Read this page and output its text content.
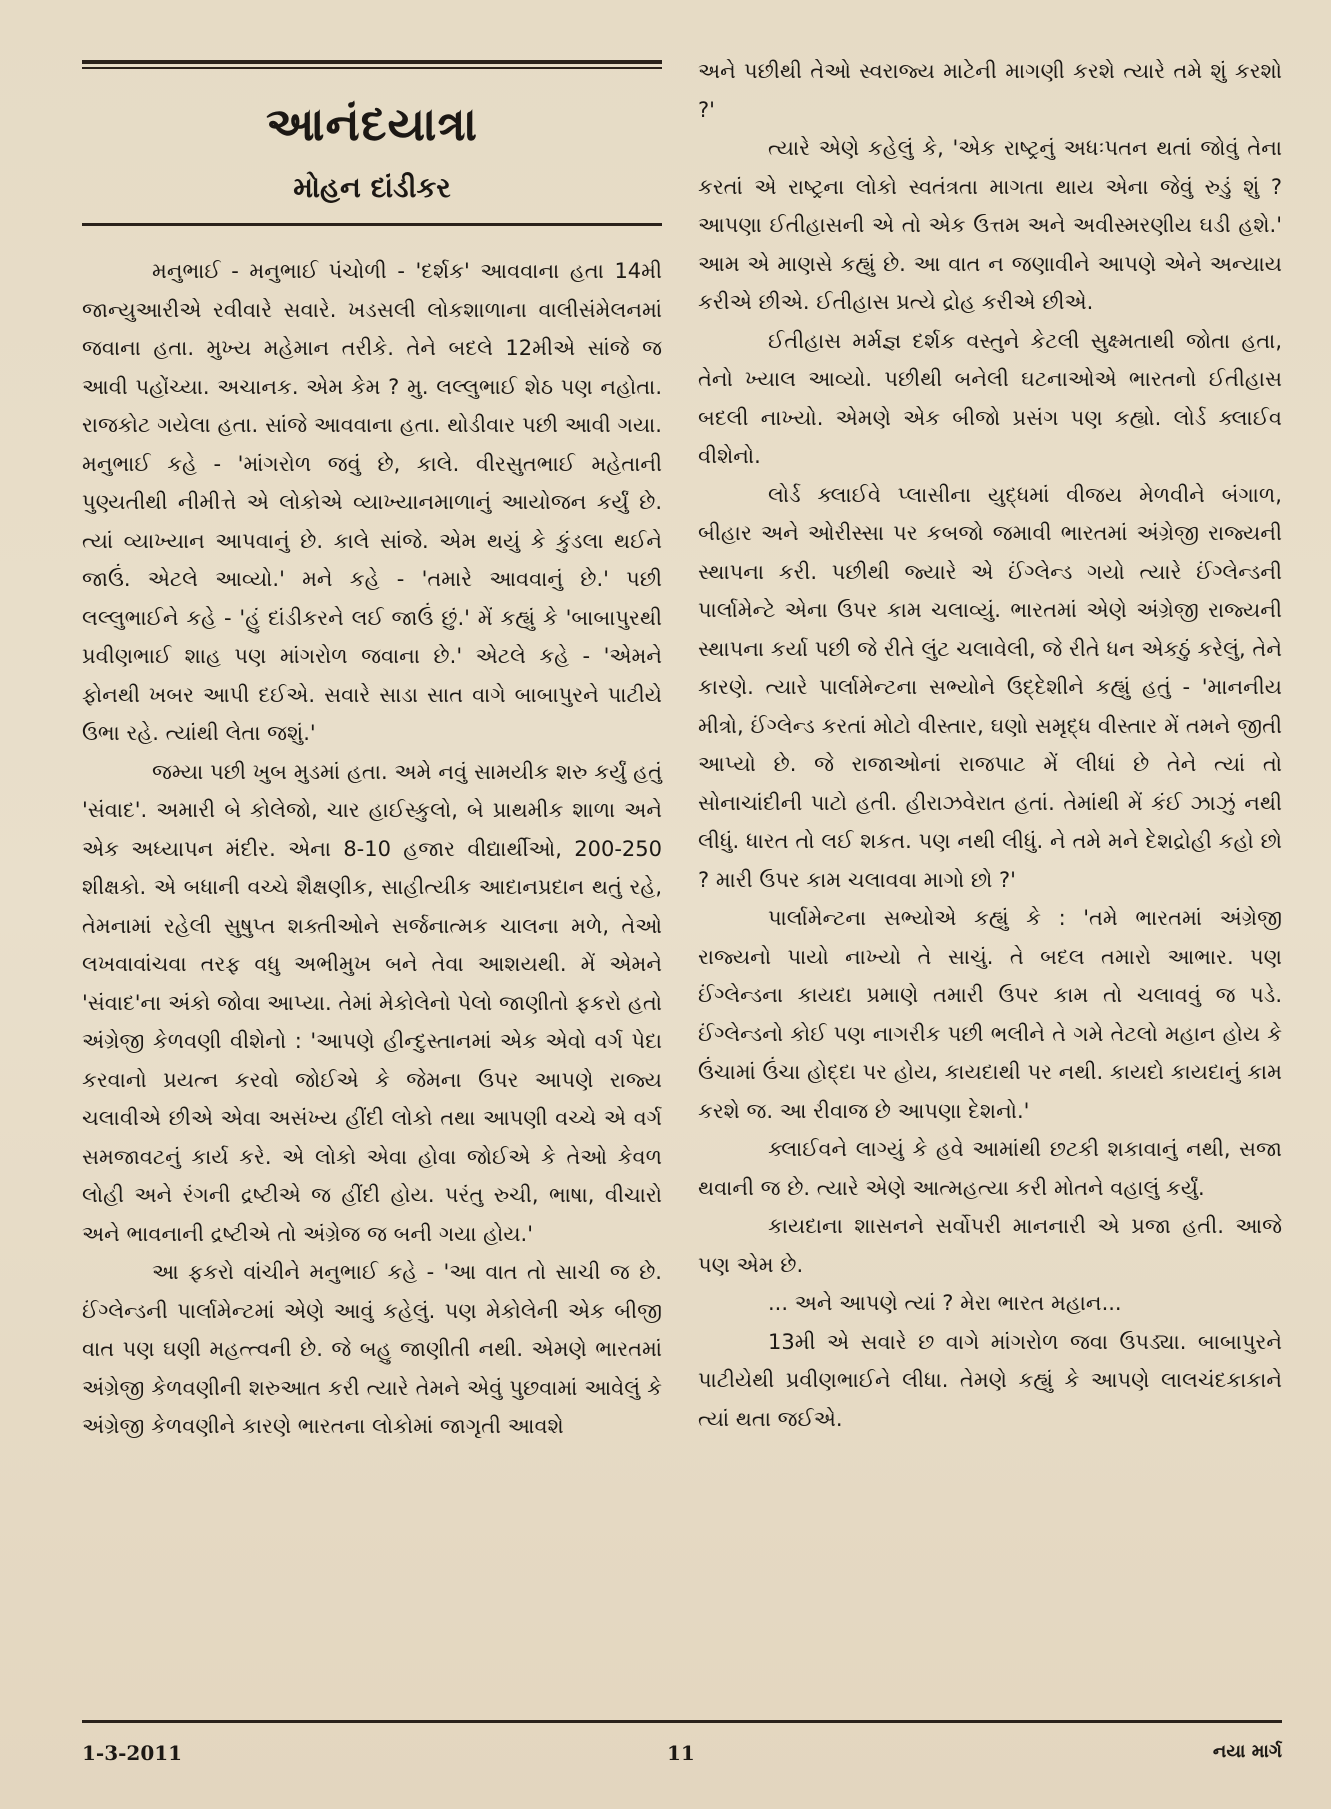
આનંદયાત્રા
મોહન દાંડીકર

મનુભાઈ - મનુભાઈ પંચોળી - 'દર્શક' આવવાના હતા 14મી જાન્યુઆરીએ રવીવારે સવારે. ખડસલી લોકશાળાના વાલીસંમેલનમાં જવાના હતા. મુખ્ય મહેમાન તરીકે. તેને બદલે 12મીએ સાંજે જ આવી પહોંચ્યા. અચાનક. એમ કેમ ? મુ. લલ્લુભાઈ શેઠ પણ નહોતા. રાજકોટ ગયેલા હતા. સાંજે આવવાના હતા. થોડીવાર પછી આવી ગયા. મનુભાઈ કહે - 'માંગરોળ જવું છે, કાલે. વીરસુતભાઈ મહેતાની પુણ્યતીથી નીમીત્તે એ લોકોએ વ્યાખ્યાનમાળાનું આયોજન કર્યું છે. ત્યાં વ્યાખ્યાન આપવાનું છે. કાલે સાંજે. એમ થયું કે કુંડલા થઈને જાઉં. એટલે આવ્યો.' મને કહે - 'તમારે આવવાનું છે.' પછી લલ્લુભાઈને કહે - 'હું દાંડીકરને લઈ જાઉં છું.' મેં કહ્યું કે 'બાબાપુરથી પ્રવીણભાઈ શાહ પણ માંગરોળ જવાના છે.' એટલે કહે - 'એમને ફોનથી ખબર આપી દઈએ. સવારે સાડા સાત વાગે બાબાપુરને પાટીયે ઉભા રહે. ત્યાંથી લેતા જશું.'

જમ્યા પછી ખુબ મુડમાં હતા. અમે નવું સામયીક શરુ કર્યું હતું 'સંવાદ'. અમારી બે કોલેજો, ચાર હાઈસ્કુલો, બે પ્રાથમીક શાળા અને એક અધ્યાપન મંદીર. એના 8-10 હજાર વીદ્યાર્થીઓ, 200-250 શીક્ષકો. એ બધાની વચ્ચે શૈક્ષણીક, સાહીત્યીક આદાનપ્રદાન થતું રહે, તેમનામાં રહેલી સુષુપ્ત શક્તીઓને સર્જનાત્મક ચાલના મળે, તેઓ લખવાવાંચવા તરફ વધુ અભીમુખ બને તેવા આશયથી. મેં એમને 'સંવાદ'ના અંકો જોવા આપ્યા. તેમાં મેકોલેનો પેલો જાણીતો ફકરો હતો અંગ્રેજી કેળવણી વીશેનો : 'આપણે હીન્દુસ્તાનમાં એક એવો વર્ગ પેદા કરવાનો પ્રયત્ન કરવો જોઈએ કે જેમના ઉપર આપણે રાજ્ય ચલાવીએ છીએ એવા અસંખ્ય હીંદી લોકો તથા આપણી વચ્ચે એ વર્ગ સમજાવટનું કાર્ય કરે. એ લોકો એવા હોવા જોઈએ કે તેઓ કેવળ લોહી અને રંગની દ્રષ્ટીએ જ હીંદી હોય. પરંતુ રુચી, ભાષા, વીચારો અને ભાવનાની દ્રષ્ટીએ તો અંગ્રેજ જ બની ગયા હોય.'

આ ફકરો વાંચીને મનુભાઈ કહે - 'આ વાત તો સાચી જ છે. ઈંગ્લેન્ડની પાર્લામેન્ટમાં એણે આવું કહેલું. પણ મેકોલેની એક બીજી વાત પણ ઘણી મહત્ત્વની છે. જે બહુ જાણીતી નથી. એમણે ભારતમાં અંગ્રેજી કેળવણીની શરુઆત કરી ત્યારે તેમને એવું પુછવામાં આવેલું કે અંગ્રેજી કેળવણીને કારણે ભારતના લોકોમાં જાગૃતી આવશે

અને પછીથી તેઓ સ્વરાજ્ય માટેની માગણી કરશે ત્યારે તમે શું કરશો ?'

ત્યારે એણે કહેલું કે, 'એક રાષ્ટ્રનું અધઃપતન થતાં જોવું તેના કરતાં એ રાષ્ટ્રના લોકો સ્વતંત્રતા માગતા થાય એના જેવું રુડું શું ? આપણા ઈતીહાસની એ તો એક ઉત્તમ અને અવીસ્મરણીય ઘડી હશે.' આમ એ માણસે કહ્યું છે. આ વાત ન જણાવીને આપણે એને અન્યાય કરીએ છીએ. ઈતીહાસ પ્રત્યે દ્રોહ કરીએ છીએ.

ઈતીહાસ મર્મજ્ઞ દર્શક વસ્તુને કેટલી સુક્ષ્મતાથી જોતા હતા, તેનો ખ્યાલ આવ્યો. પછીથી બનેલી ઘટનાઓએ ભારતનો ઈતીહાસ બદલી નાખ્યો. એમણે એક બીજો પ્રસંગ પણ કહ્યો. લોર્ડ ક્લાઈવ વીશેનો.

લોર્ડ ક્લાઈવે પ્લાસીના યુદ્ધમાં વીજય મેળવીને બંગાળ, બીહાર અને ઓરીસ્સા પર કબજો જમાવી ભારતમાં અંગ્રેજી રાજ્યની સ્થાપના કરી. પછીથી જ્યારે એ ઈંગ્લેન્ડ ગયો ત્યારે ઈંગ્લેન્ડની પાર્લામેન્ટે એના ઉપર કામ ચલાવ્યું. ભારતમાં એણે અંગ્રેજી રાજ્યની સ્થાપના કર્યા પછી જે રીતે લુંટ ચલાવેલી, જે રીતે ધન એકઠું કરેલું, તેને કારણે. ત્યારે પાર્લામેન્ટના સભ્યોને ઉદ્દેશીને કહ્યું હતું - 'માનનીય મીત્રો, ઈંગ્લેન્ડ કરતાં મોટો વીસ્તાર, ઘણો સમૃદ્ધ વીસ્તાર મેં તમને જીતી આપ્યો છે. જે રાજાઓનાં રાજપાટ મેં લીધાં છે તેને ત્યાં તો સોનાચાંદીની પાટો હતી. હીરાઝવેરાત હતાં. તેમાંથી મેં કંઈ ઝાઝું નથી લીધું. ધારત તો લઈ શકત. પણ નથી લીધું. ને તમે મને દેશદ્રોહી કહો છો ? મારી ઉપર કામ ચલાવવા માગો છો ?'

પાર્લામેન્ટના સભ્યોએ કહ્યું કે : 'તમે ભારતમાં અંગ્રેજી રાજ્યનો પાયો નાખ્યો તે સાચું. તે બદલ તમારો આભાર. પણ ઈંગ્લેન્ડના કાયદા પ્રમાણે તમારી ઉપર કામ તો ચલાવવું જ પડે. ઈંગ્લેન્ડનો કોઈ પણ નાગરીક પછી ભલીને તે ગમે તેટલો મહાન હોય કે ઉંચામાં ઉંચા હોદ્દા પર હોય, કાયદાથી પર નથી. કાયદો કાયદાનું કામ કરશે જ. આ રીવાજ છે આપણા દેશનો.'

ક્લાઈવને લાગ્યું કે હવે આમાંથી છટકી શકાવાનું નથી, સજા થવાની જ છે. ત્યારે એણે આત્મહત્યા કરી મોતને વહાલું કર્યું.

કાયદાના શાસનને સર્વોપરી માનનારી એ પ્રજા હતી. આજે પણ એમ છે.

... અને આપણે ત્યાં ? મેરા ભારત મહાન...

13મી એ સવારે છ વાગે માંગરોળ જવા ઉપડ્યા. બાબાપુરને પાટીયેથી પ્રવીણભાઈને લીધા. તેમણે કહ્યું કે આપણે લાલચંદકાકાને ત્યાં થતા જઈએ.

1-3-2011	11	નયા માર્ગ
